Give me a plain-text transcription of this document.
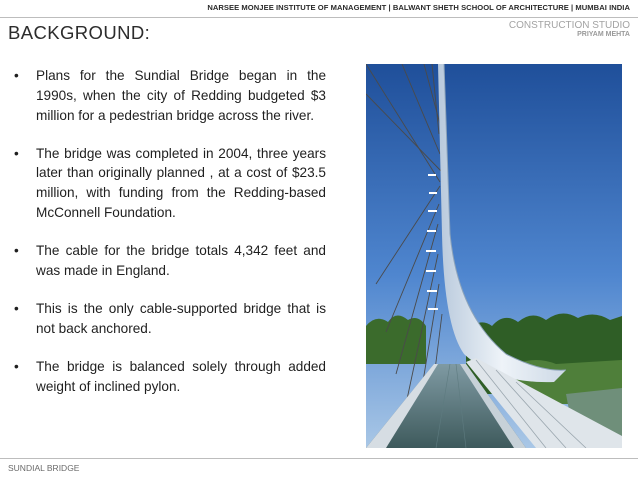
NARSEE MONJEE INSTITUTE OF MANAGEMENT | BALWANT SHETH SCHOOL OF ARCHITECTURE | MUMBAI INDIA
CONSTRUCTION STUDIO
PRIYAM MEHTA
BACKGROUND:
• Plans for the Sundial Bridge began in the 1990s, when the city of Redding budgeted $3 million for a pedestrian bridge across the river.
• The bridge was completed in 2004, three years later than originally planned , at a cost of $23.5 million, with funding from the Redding-based McConnell Foundation.
• The cable for the bridge totals 4,342 feet and was made in England.
• This is the only cable-supported bridge that is not back anchored.
• The bridge is balanced solely through added weight of inclined pylon.
SUNDIAL BRIDGE
